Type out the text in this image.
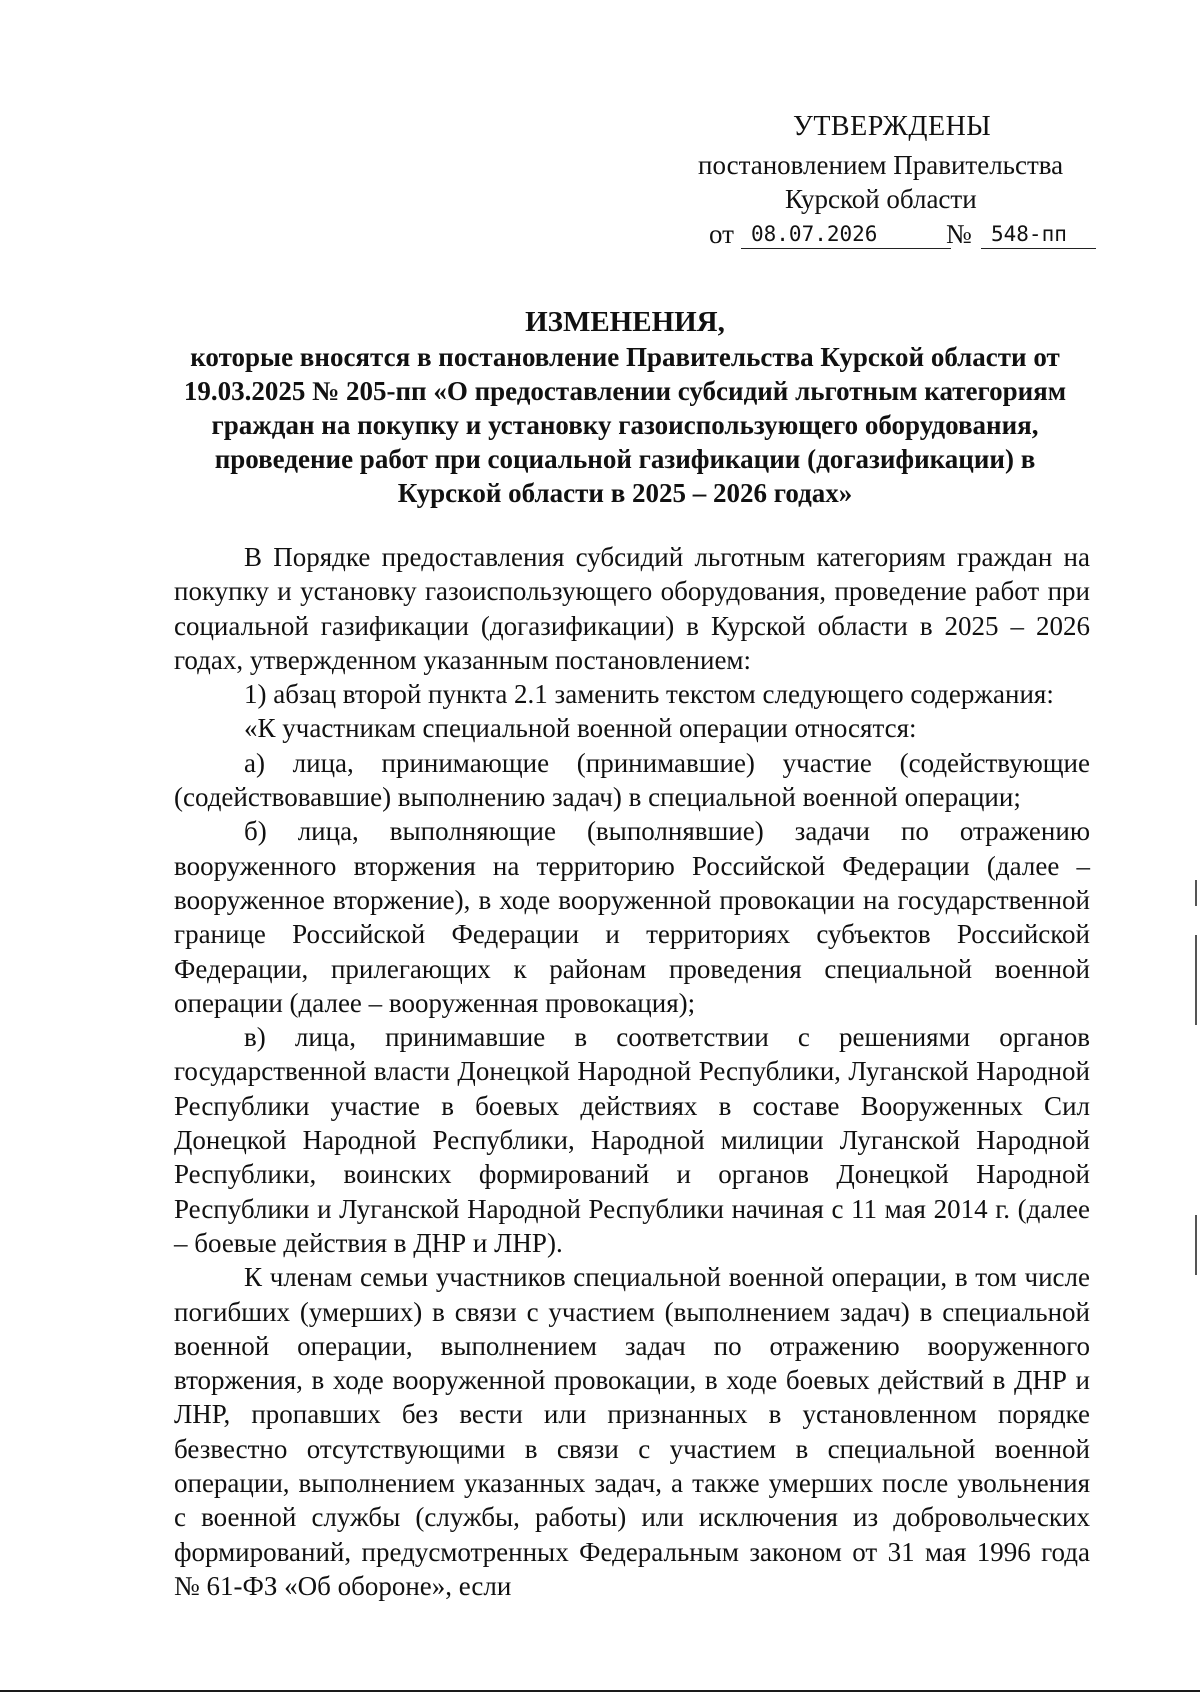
УТВЕРЖДЕНЫ
постановлением Правительства
Курской области
от 08.07.2026	№ 548-пп
ИЗМЕНЕНИЯ,
которые вносятся в постановление Правительства Курской области от 19.03.2025 № 205-пп «О предоставлении субсидий льготным категориям граждан на покупку и установку газоиспользующего оборудования, проведение работ при социальной газификации (догазификации) в Курской области в 2025 – 2026 годах»

В Порядке предоставления субсидий льготным категориям граждан на покупку и установку газоиспользующего оборудования, проведение работ при социальной газификации (догазификации) в Курской области в 2025 – 2026 годах, утвержденном указанным постановлением:

1) абзац второй пункта 2.1 заменить текстом следующего содержания:

«К участникам специальной военной операции относятся:

а) лица, принимающие (принимавшие) участие (содействующие (содействовавшие) выполнению задач) в специальной военной операции;

б) лица, выполняющие (выполнявшие) задачи по отражению вооруженного вторжения на территорию Российской Федерации (далее – вооруженное вторжение), в ходе вооруженной провокации на государственной границе Российской Федерации и территориях субъектов Российской Федерации, прилегающих к районам проведения специальной военной операции (далее – вооруженная провокация);

в) лица, принимавшие в соответствии с решениями органов государственной власти Донецкой Народной Республики, Луганской Народной Республики участие в боевых действиях в составе Вооруженных Сил Донецкой Народной Республики, Народной милиции Луганской Народной Республики, воинских формирований и органов Донецкой Народной Республики и Луганской Народной Республики начиная с 11 мая 2014 г. (далее – боевые действия в ДНР и ЛНР).

К членам семьи участников специальной военной операции, в том числе погибших (умерших) в связи с участием (выполнением задач) в специальной военной операции, выполнением задач по отражению вооруженного вторжения, в ходе вооруженной провокации, в ходе боевых действий в ДНР и ЛНР, пропавших без вести или признанных в установленном порядке безвестно отсутствующими в связи с участием в специальной военной операции, выполнением указанных задач, а также умерших после увольнения с военной службы (службы, работы) или исключения из добровольческих формирований, предусмотренных Федеральным законом от 31 мая 1996 года № 61-ФЗ «Об обороне», если
